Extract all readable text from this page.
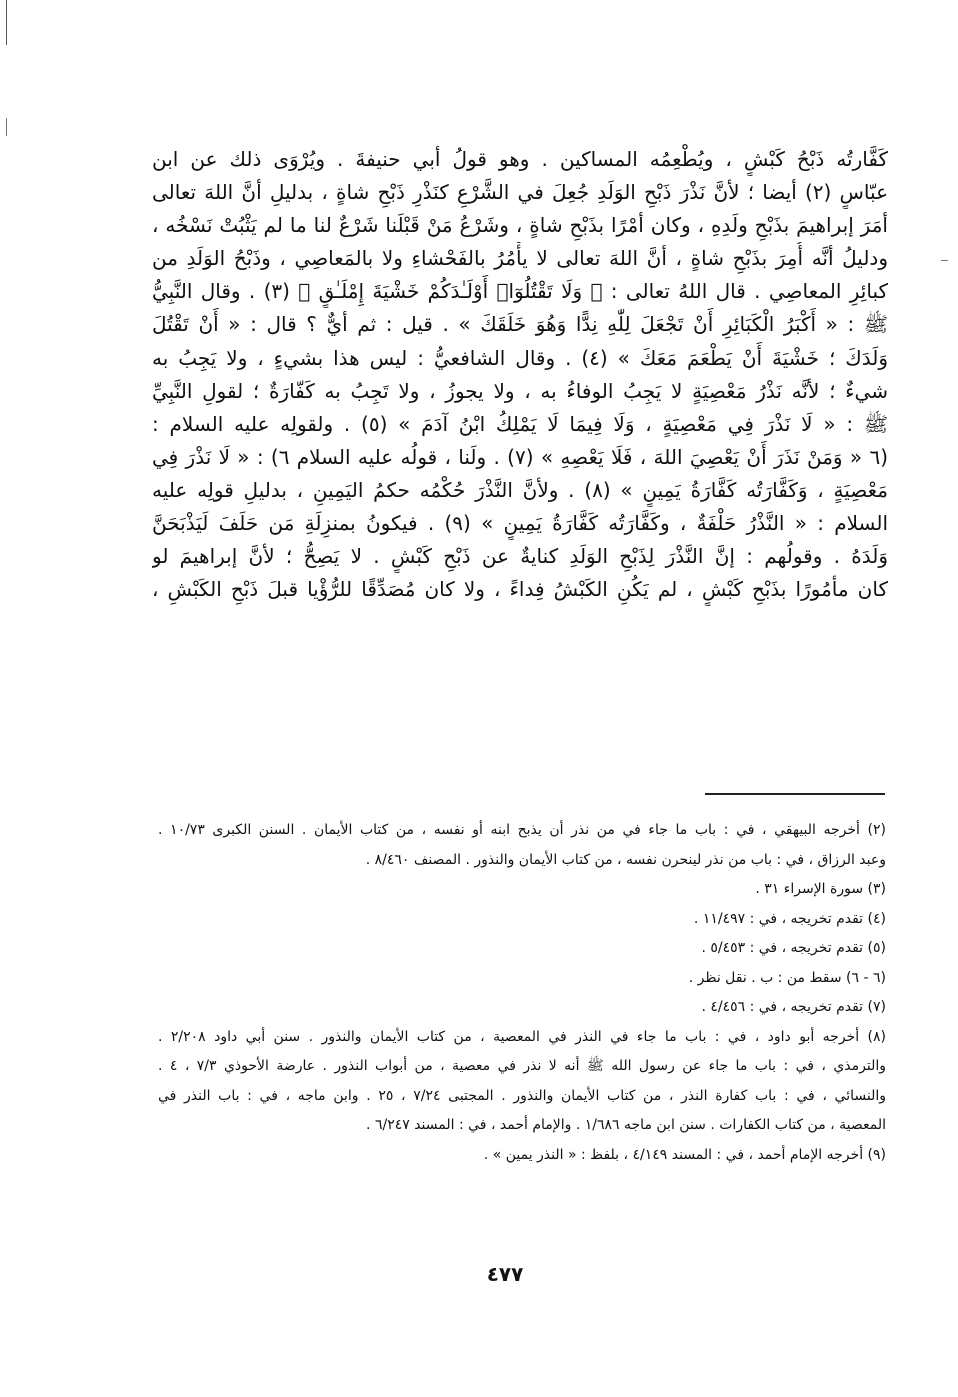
كَفَّارتُه ذَبْحُ كَبْشٍ ، ويُطْعِمُه المساكين . وهو قولُ أبي حنيفةَ . ويُرْوَى ذلك عن ابن
عبّاسٍ (٢) أيضا ؛ لأنَّ نَذْرَ ذَبْحِ الوَلَدِ جُعِلَ في الشَّرْعِ كنَذْرِ ذَبْحِ شاةٍ ، بدليلِ أنَّ اللهَ تعالى
أمَرَ إبراهيمَ بذَبْحِ ولَدِهِ ، وكان أمْرًا بذَبْحِ شاةٍ ، وشَرْعُ مَنْ قَبْلَنا شَرْعٌ لنا ما لم يَثْبُتْ نَسْخُه ،
ودليلُ أنَّه أُمِرَ بذَبْحِ شاةٍ ، أنَّ اللهَ تعالى لا يأْمُرُ بالفَحْشاءِ ولا بالمَعاصِي ، وذَبْحُ الوَلَدِ من
كبائِرِ المعاصِي . قال اللهُ تعالى : ﴿ وَلَا تَقْتُلُوٓا۟ أَوْلَـٰدَكُمْ خَشْيَةَ إِمْلَـٰقٍ ﴾ (٣) . وقال النَّبِيُّ
ﷺ : « أَكْبَرُ الْكَبَائِرِ أَنْ تَجْعَلَ لِلّٰهِ نِدًّا وَهُوَ خَلَقَكَ » . قيل : ثم أيٌّ ؟ قال : « أَنْ تَقْتُلَ
وَلَدَكَ ؛ خَشْيَةَ أَنْ يَطْعَمَ مَعَكَ » (٤) . وقال الشافعيُّ : ليس هذا بشيءٍ ، ولا يَجِبُ به
شيءٌ ؛ لأنَّه نَذْرُ مَعْصِيَةٍ لا يَجِبُ الوفاءُ به ، ولا يجوزُ ، ولا تَجِبُ به كَفّارَةٌ ؛ لقولِ النَّبِيِّ
ﷺ : « لَا نَذْرَ فِي مَعْصِيَةٍ ، وَلَا فِيمَا لَا يَمْلِكُ ابْنُ آدَمَ » (٥) . ولقولِه عليه السلام :
(٦ « وَمَنْ نَذَرَ أَنْ يَعْصِيَ اللهَ ، فَلَا يَعْصِهِ » (٧) . ولَنا ، قولُه عليه السلام ٦) : « لَا نَذْرَ فِي
مَعْصِيَةٍ ، وَكَفَّارَتُه كَفَّارَةُ يَمِينٍ » (٨) . ولأنَّ النَّذْرَ حُكْمُه حكمُ اليَمِينِ ، بدليلِ قولِه عليه
السلام : « النَّذْرُ حَلْفَةٌ ، وكَفَّارَتُه كَفَّارَةُ يَمِينٍ » (٩) . فيكونُ بمنزِلَةِ مَن حَلَفَ لَيَذْبَحَنَّ
وَلَدَهُ . وقولُهم : إنَّ النَّذْرَ لِذَبْحِ الوَلَدِ كنايةٌ عن ذَبْحِ كَبْشٍ . لا يَصِحُّ ؛ لأنَّ إبراهيمَ لو
كان مأمُورًا بذَبْحِ كَبْشٍ ، لم يَكُنِ الكَبْشُ فِداءً ، ولا كان مُصَدِّقًا للرُّؤْيا قبلَ ذَبْحِ الكَبْشِ ،
(٢) أخرجه البيهقي ، في : باب ما جاء في من نذر أن يذبح ابنه أو نفسه ، من كتاب الأيمان . السنن الكبرى ١٠/٧٣ .
وعبد الرزاق ، في : باب من نذر لينحرن نفسه ، من كتاب الأيمان والنذور . المصنف ٨/٤٦٠ .
(٣) سورة الإسراء ٣١ .
(٤) تقدم تخريجه ، في : ١١/٤٩٧ .
(٥) تقدم تخريجه ، في : ٥/٤٥٣ .
(٦ - ٦) سقط من : ب . نقل نظر .
(٧) تقدم تخريجه ، في : ٤/٤٥٦ .
(٨) أخرجه أبو داود ، في : باب ما جاء في النذر في المعصية ، من كتاب الأيمان والنذور . سنن أبي داود ٢/٢٠٨ .
والترمذي ، في : باب ما جاء عن رسول الله ﷺ أنه لا نذر في معصية ، من أبواب النذور . عارضة الأحوذي ٧/٣ ، ٤ .
والنسائي ، في : باب كفارة النذر ، من كتاب الأيمان والنذور . المجتبى ٧/٢٤ ، ٢٥ . وابن ماجه ، في : باب النذر في
المعصية ، من كتاب الكفارات . سنن ابن ماجه ١/٦٨٦ . والإمام أحمد ، في : المسند ٦/٢٤٧ .
(٩) أخرجه الإمام أحمد ، في : المسند ٤/١٤٩ ، بلفظ : « النذر يمين » .
٤٧٧
